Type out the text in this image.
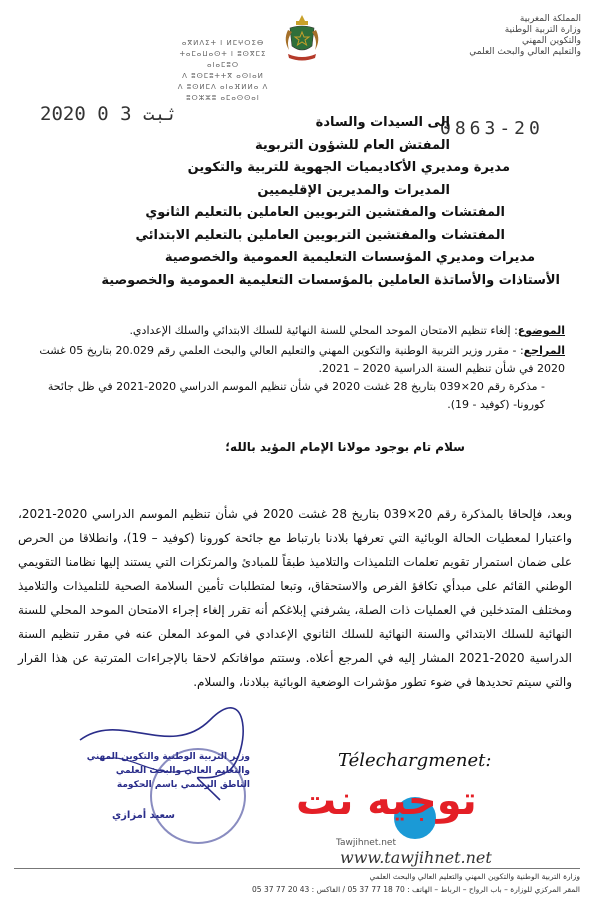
المملكة المغربية
وزارة التربية الوطنية
والتكوين المهني
والتعليم العالي والبحث العلمي
ⴰⴳⵍⴷⵉⵜ ⵏ ⵍⵎⵖⵔⵉⴱ
ⵜⴰⵎⴰⵡⴰⵙⵜ ⵏ ⵓⵙⴳⵎⵉ ⴰⵏⴰⵎⵓⵔ
ⴷ ⵓⵙⵎⵓⵜⵜⴳ ⴰⵙⵏⴰⵍ
ⴷ ⵓⵙⵍⵎⴷ ⴰⵏⴰⴼⵍⵍⴰ ⴷ ⵓⵔⵣⵣⵓ ⴰⵎⴰⵙⵙⴰⵏ
2020 ثبت 3 0
0863-20
إلى السيدات والسادة
المفتش العام للشؤون التربوية
مديرة ومديري الأكاديميات الجهوية للتربية والتكوين
المديرات والمديرين الإقليميين
المفتشات والمفتشين التربويين العاملين بالتعليم الثانوي
المفتشات والمفتشين التربويين العاملين بالتعليم الابتدائي
مديرات ومديري المؤسسات التعليمية العمومية والخصوصية
الأستاذات والأساتذة العاملين بالمؤسسات التعليمية العمومية والخصوصية
الموضوع: إلغاء تنظيم الامتحان الموحد المحلي للسنة النهائية للسلك الابتدائي والسلك الإعدادي.
المراجع: - مقرر وزير التربية الوطنية والتكوين المهني والتعليم العالي والبحث العلمي رقم 20.029 بتاريخ 05 غشت 2020 في شأن تنظيم السنة الدراسية 2020 – 2021.
- مذكرة رقم 20×039 بتاريخ 28 غشت 2020 في شأن تنظيم الموسم الدراسي 2020-2021 في ظل جائحة كورونا- (كوفيد - 19).
سلام تام بوجود مولانا الإمام المؤيد بالله؛
وبعد، فإلحاقا بالمذكرة رقم 20×039 بتاريخ 28 غشت 2020 في شأن تنظيم الموسم الدراسي 2020-2021، واعتبارا لمعطيات الحالة الوبائية التي تعرفها بلادنا بارتباط مع جائحة كورونا (كوفيد – 19)، وانطلاقا من الحرص على ضمان استمرار تقويم تعلمات التلميذات والتلاميذ طبقاً للمبادئ والمرتكزات التي يستند إليها نظامنا التقويمي الوطني القائم على مبدأي تكافؤ الفرص والاستحقاق، وتبعا لمتطلبات تأمين السلامة الصحية للتلميذات والتلاميذ ومختلف المتدخلين في العمليات ذات الصلة، يشرفني إبلاغكم أنه تقرر إلغاء إجراء الامتحان الموحد المحلي للسنة النهائية للسلك الابتدائي والسنة النهائية للسلك الثانوي الإعدادي في الموعد المعلن عنه في مقرر تنظيم السنة الدراسية 2020-2021 المشار إليه في المرجع أعلاه. وستتم موافاتكم لاحقا بالإجراءات المترتبة عن هذا القرار والتي سيتم تحديدها في ضوء تطور مؤشرات الوضعية الوبائية ببلادنا، والسلام.
وزير التربية الوطنية والتكوين المهني
والتعليم العالي والبحث العلمي
الناطق الرسمي باسم الحكومة
سعيد أمزازي
Télechargmenet:
توجيه نت
Tawjihnet.net
www.tawjihnet.net
وزارة التربية الوطنية والتكوين المهني والتعليم العالي والبحث العلمي
المقر المركزي للوزارة – باب الرواح – الرباط – الهاتف : 70 18 77 37 05 / الفاكس : 43 20 77 37 05
